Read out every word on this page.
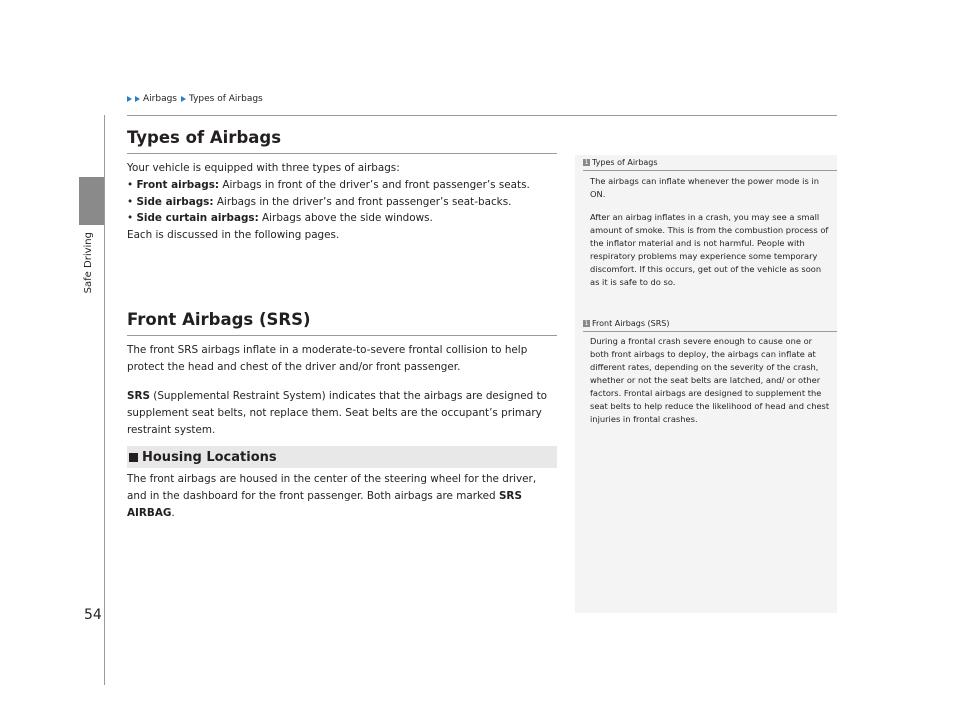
Safe Driving
54
Airbags Types of Airbags
Types of Airbags

Your vehicle is equipped with three types of airbags:

• Front airbags: Airbags in front of the driver’s and front passenger’s seats.
• Side airbags: Airbags in the driver’s and front passenger’s seat-backs.
• Side curtain airbags: Airbags above the side windows.

Each is discussed in the following pages.

Front Airbags (SRS)

The front SRS airbags inflate in a moderate-to-severe frontal collision to help protect the head and chest of the driver and/or front passenger.

SRS (Supplemental Restraint System) indicates that the airbags are designed to supplement seat belts, not replace them. Seat belts are the occupant’s primary restraint system.

Housing Locations

The front airbags are housed in the center of the steering wheel for the driver, and in the dashboard for the front passenger. Both airbags are marked SRS AIRBAG.

1 Types of Airbags
The airbags can inflate whenever the power mode is in ON.
After an airbag inflates in a crash, you may see a small amount of smoke. This is from the combustion process of the inflator material and is not harmful. People with respiratory problems may experience some temporary discomfort. If this occurs, get out of the vehicle as soon as it is safe to do so.
1 Front Airbags (SRS)
During a frontal crash severe enough to cause one or both front airbags to deploy, the airbags can inflate at different rates, depending on the severity of the crash, whether or not the seat belts are latched, and/ or other factors. Frontal airbags are designed to supplement the seat belts to help reduce the likelihood of head and chest injuries in frontal crashes.
